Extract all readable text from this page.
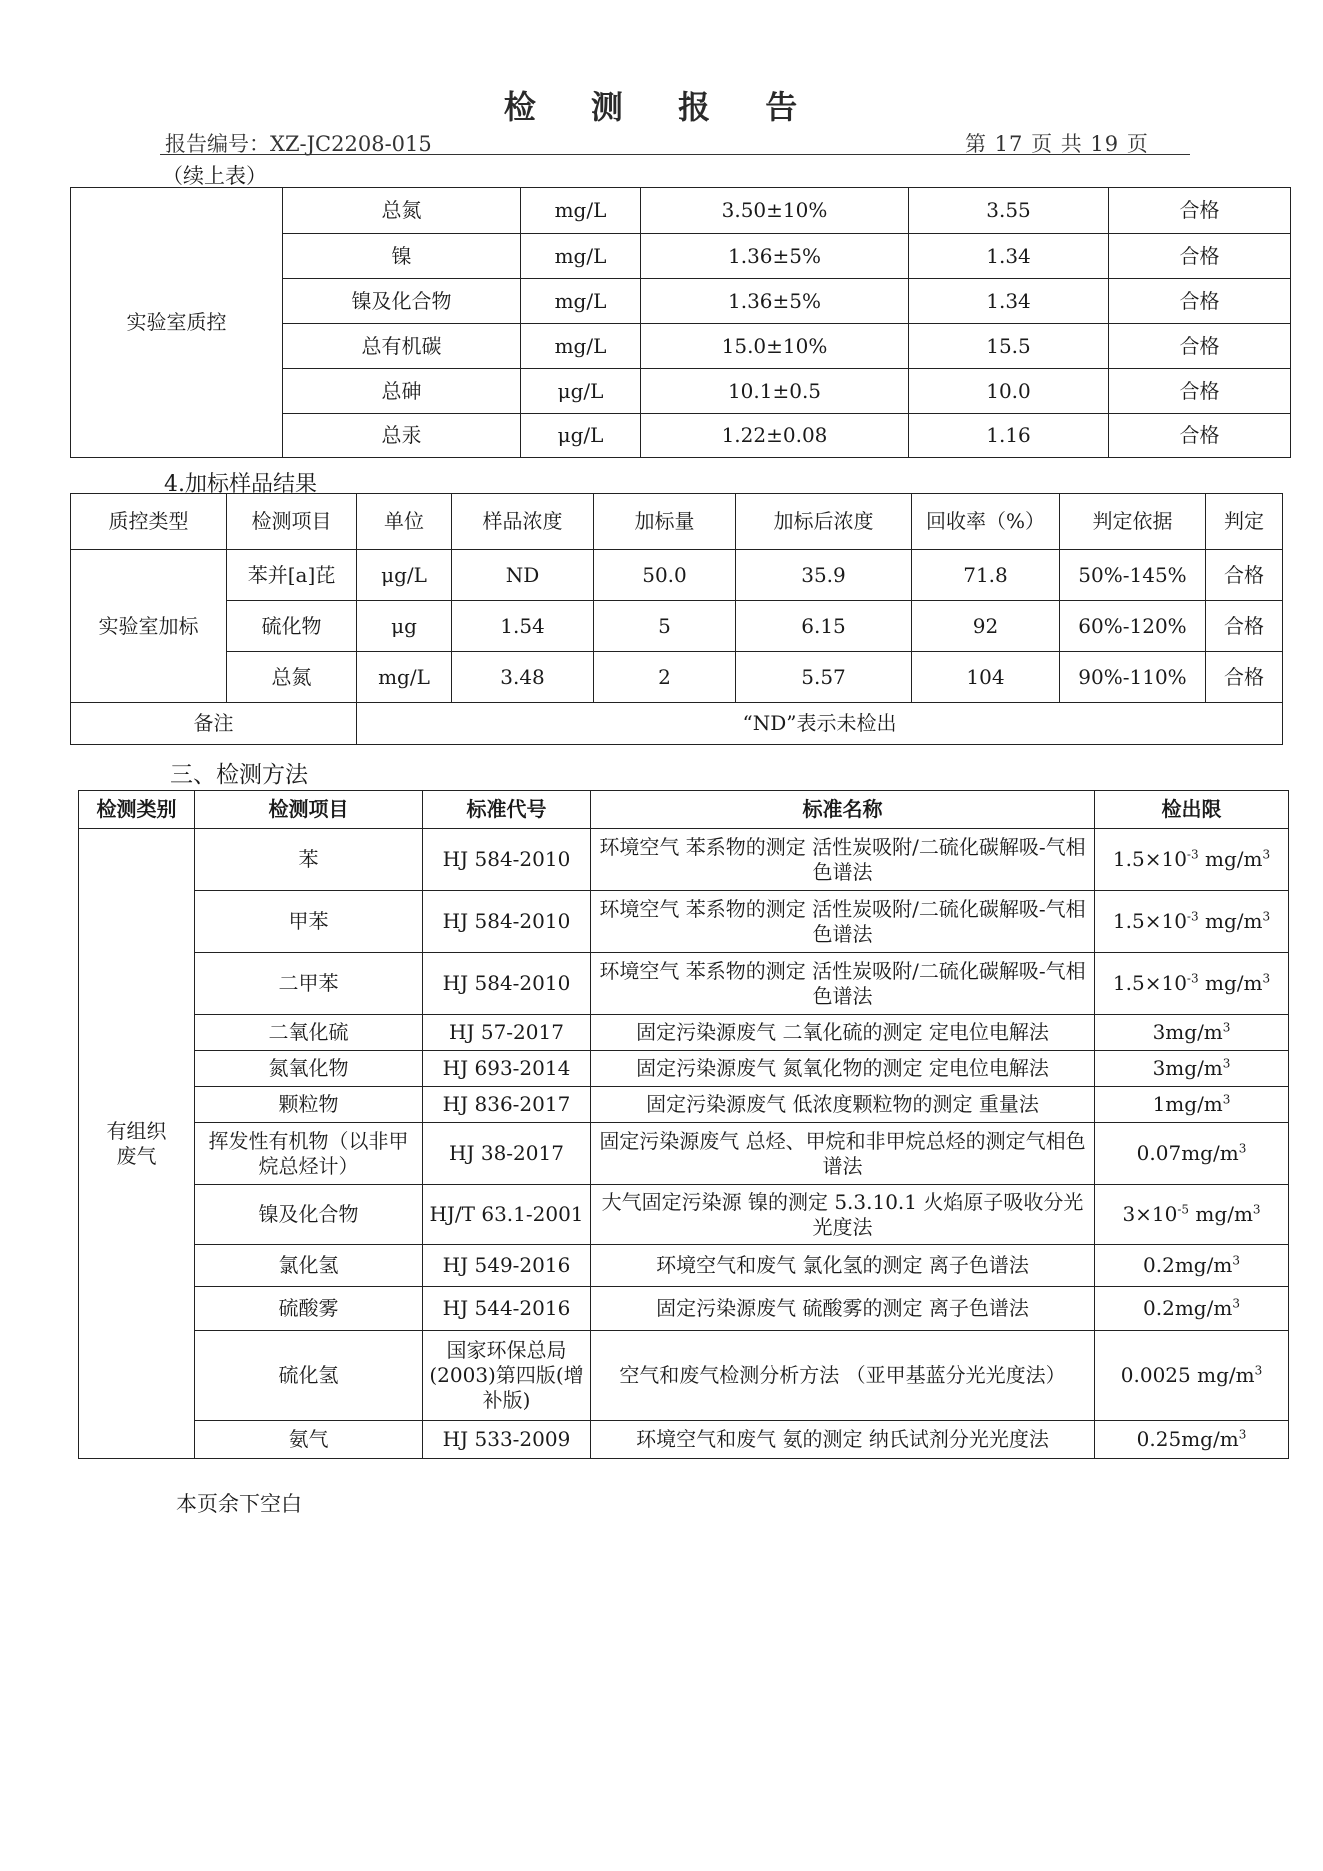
检 测 报 告
报告编号：XZ-JC2208-015	第 17 页 共 19 页
（续上表）
实验室质控	总氮	mg/L	3.50±10%	3.55	合格
	镍	mg/L	1.36±5%	1.34	合格
	镍及化合物	mg/L	1.36±5%	1.34	合格
	总有机碳	mg/L	15.0±10%	15.5	合格
	总砷	μg/L	10.1±0.5	10.0	合格
	总汞	μg/L	1.22±0.08	1.16	合格
4.加标样品结果
质控类型	检测项目	单位	样品浓度	加标量	加标后浓度	回收率（%）	判定依据	判定
实验室加标	苯并[a]芘	μg/L	ND	50.0	35.9	71.8	50%-145%	合格
	硫化物	μg	1.54	5	6.15	92	60%-120%	合格
	总氮	mg/L	3.48	2	5.57	104	90%-110%	合格
备注		“ND”表示未检出						
三、检测方法
检测类别	检测项目	标准代号	标准名称	检出限

有组织
废气	苯	HJ 584-2010	环境空气 苯系物的测定 活性炭吸附/二硫化碳解吸-气相色谱法	$1.5\times 10^{-3}$ $mg/m^3$
	甲苯	HJ 584-2010	环境空气 苯系物的测定 活性炭吸附/二硫化碳解吸-气相色谱法	$1.5\times 10^{-3}$ $mg/m^3$
	二甲苯	HJ 584-2010	环境空气 苯系物的测定 活性炭吸附/二硫化碳解吸-气相色谱法	$1.5\times 10^{-3}$ $mg/m^3$
	二氧化硫	HJ 57-2017	固定污染源废气 二氧化硫的测定 定电位电解法	$3mg/m^3$
	氮氧化物	HJ 693-2014	固定污染源废气 氮氧化物的测定 定电位电解法	$3mg/m^3$
	颗粒物	HJ 836-2017	固定污染源废气 低浓度颗粒物的测定 重量法	$1mg/m^3$
	挥发性有机物（以非甲烷总烃计）	HJ 38-2017	固定污染源废气 总烃、甲烷和非甲烷总烃的测定气相色谱法	$0.07mg/m^3$
	镍及化合物	HJ/T 63.1-2001	大气固定污染源 镍的测定 5.3.10.1 火焰原子吸收分光光度法	$3\times 10^{-5}$ $mg/m^3$
	氯化氢	HJ 549-2016	环境空气和废气 氯化氢的测定 离子色谱法	$0.2mg/m^3$
	硫酸雾	HJ 544-2016	固定污染源废气 硫酸雾的测定 离子色谱法	$0.2mg/m^3$
	硫化氢	国家环保总局(2003)第四版(增补版)	空气和废气检测分析方法 （亚甲基蓝分光光度法）	0.0025 $mg/m^3$
	氨气	HJ 533-2009	环境空气和废气 氨的测定 纳氏试剂分光光度法	$0.25mg/m^3$
本页余下空白
